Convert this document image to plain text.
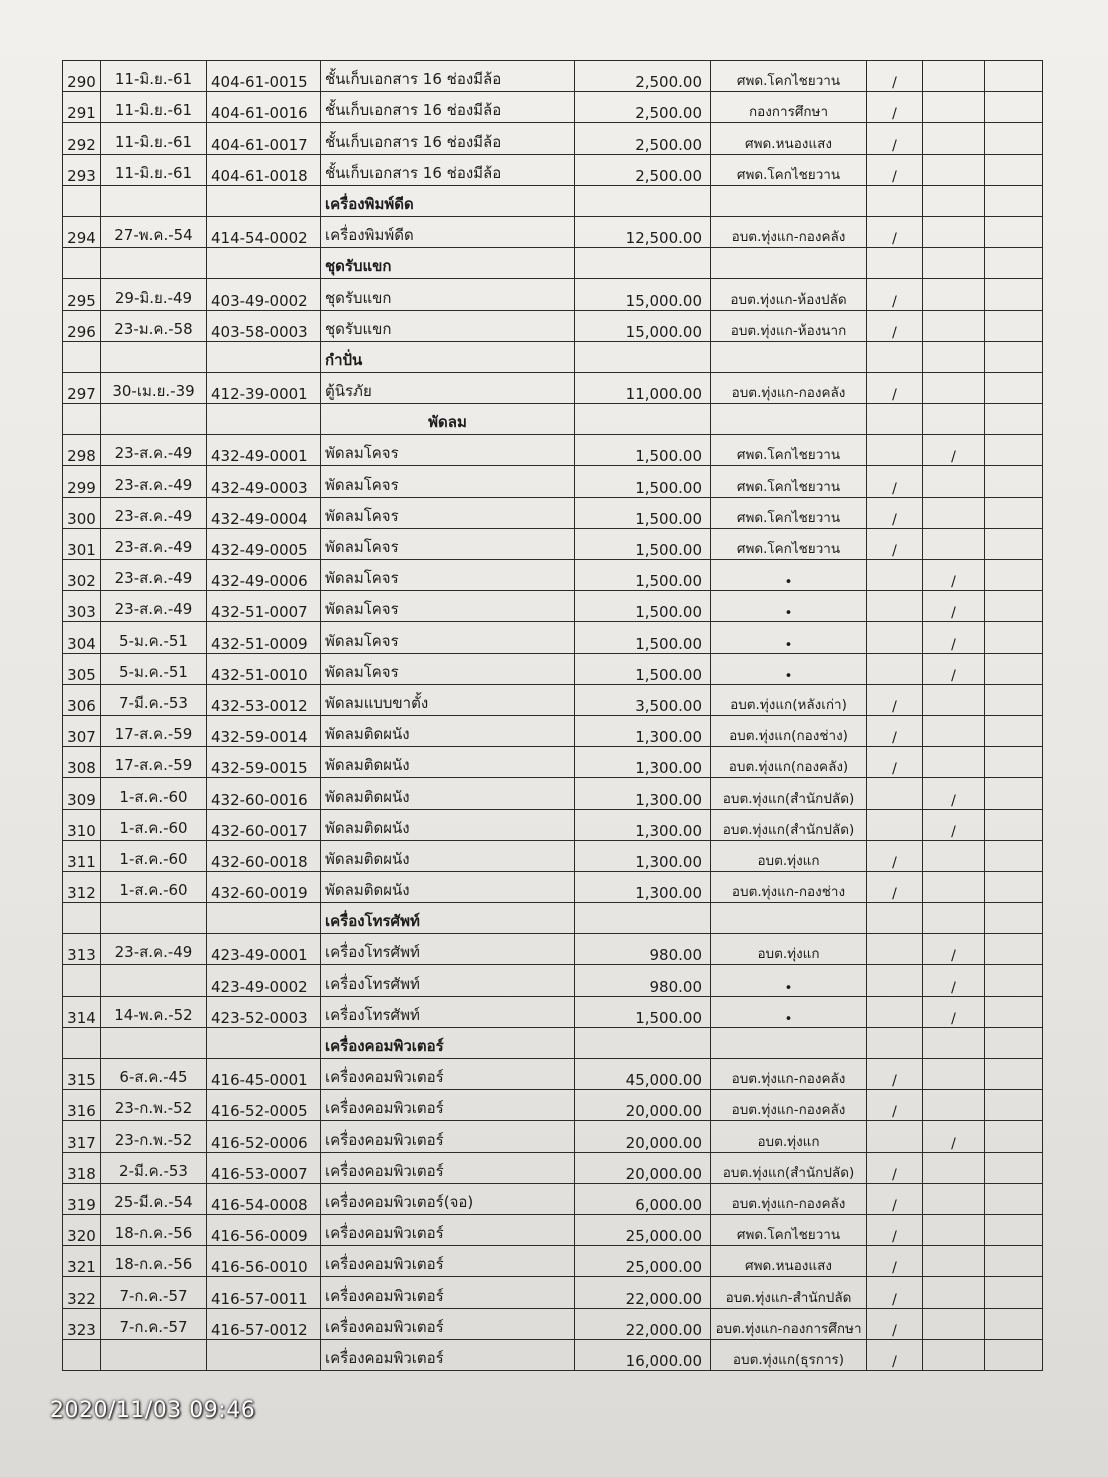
290	11-มิ.ย.-61	404-61-0015	ชั้นเก็บเอกสาร 16 ช่องมีล้อ	2,500.00	ศพด.โคกไชยวาน	/		
291	11-มิ.ย.-61	404-61-0016	ชั้นเก็บเอกสาร 16 ช่องมีล้อ	2,500.00	กองการศึกษา	/		
292	11-มิ.ย.-61	404-61-0017	ชั้นเก็บเอกสาร 16 ช่องมีล้อ	2,500.00	ศพด.หนองแสง	/		
293	11-มิ.ย.-61	404-61-0018	ชั้นเก็บเอกสาร 16 ช่องมีล้อ	2,500.00	ศพด.โคกไชยวาน	/		
			เครื่องพิมพ์ดีด					
294	27-พ.ค.-54	414-54-0002	เครื่องพิมพ์ดีด	12,500.00	อบต.ทุ่งแก-กองคลัง	/		
			ชุดรับแขก					
295	29-มิ.ย.-49	403-49-0002	ชุดรับแขก	15,000.00	อบต.ทุ่งแก-ห้องปลัด	/		
296	23-ม.ค.-58	403-58-0003	ชุดรับแขก	15,000.00	อบต.ทุ่งแก-ห้องนาก	/		
			กำปั่น					
297	30-เม.ย.-39	412-39-0001	ตู้นิรภัย	11,000.00	อบต.ทุ่งแก-กองคลัง	/		
			พัดลม					
298	23-ส.ค.-49	432-49-0001	พัดลมโคจร	1,500.00	ศพด.โคกไชยวาน		/	
299	23-ส.ค.-49	432-49-0003	พัดลมโคจร	1,500.00	ศพด.โคกไชยวาน	/		
300	23-ส.ค.-49	432-49-0004	พัดลมโคจร	1,500.00	ศพด.โคกไชยวาน	/		
301	23-ส.ค.-49	432-49-0005	พัดลมโคจร	1,500.00	ศพด.โคกไชยวาน	/		
302	23-ส.ค.-49	432-49-0006	พัดลมโคจร	1,500.00	•		/	
303	23-ส.ค.-49	432-51-0007	พัดลมโคจร	1,500.00	•		/	
304	5-ม.ค.-51	432-51-0009	พัดลมโคจร	1,500.00	•		/	
305	5-ม.ค.-51	432-51-0010	พัดลมโคจร	1,500.00	•		/	
306	7-มี.ค.-53	432-53-0012	พัดลมแบบขาตั้ง	3,500.00	อบต.ทุ่งแก(หลังเก่า)	/		
307	17-ส.ค.-59	432-59-0014	พัดลมติดผนัง	1,300.00	อบต.ทุ่งแก(กองช่าง)	/		
308	17-ส.ค.-59	432-59-0015	พัดลมติดผนัง	1,300.00	อบต.ทุ่งแก(กองคลัง)	/		
309	1-ส.ค.-60	432-60-0016	พัดลมติดผนัง	1,300.00	อบต.ทุ่งแก(สำนักปลัด)		/	
310	1-ส.ค.-60	432-60-0017	พัดลมติดผนัง	1,300.00	อบต.ทุ่งแก(สำนักปลัด)		/	
311	1-ส.ค.-60	432-60-0018	พัดลมติดผนัง	1,300.00	อบต.ทุ่งแก	/		
312	1-ส.ค.-60	432-60-0019	พัดลมติดผนัง	1,300.00	อบต.ทุ่งแก-กองช่าง	/		
			เครื่องโทรศัพท์					
313	23-ส.ค.-49	423-49-0001	เครื่องโทรศัพท์	980.00	อบต.ทุ่งแก		/	
		423-49-0002	เครื่องโทรศัพท์	980.00	•		/	
314	14-พ.ค.-52	423-52-0003	เครื่องโทรศัพท์	1,500.00	•		/	
			เครื่องคอมพิวเตอร์					
315	6-ส.ค.-45	416-45-0001	เครื่องคอมพิวเตอร์	45,000.00	อบต.ทุ่งแก-กองคลัง	/		
316	23-ก.พ.-52	416-52-0005	เครื่องคอมพิวเตอร์	20,000.00	อบต.ทุ่งแก-กองคลัง	/		
317	23-ก.พ.-52	416-52-0006	เครื่องคอมพิวเตอร์	20,000.00	อบต.ทุ่งแก		/	
318	2-มี.ค.-53	416-53-0007	เครื่องคอมพิวเตอร์	20,000.00	อบต.ทุ่งแก(สำนักปลัด)	/		
319	25-มี.ค.-54	416-54-0008	เครื่องคอมพิวเตอร์(จอ)	6,000.00	อบต.ทุ่งแก-กองคลัง	/		
320	18-ก.ค.-56	416-56-0009	เครื่องคอมพิวเตอร์	25,000.00	ศพด.โคกไชยวาน	/		
321	18-ก.ค.-56	416-56-0010	เครื่องคอมพิวเตอร์	25,000.00	ศพด.หนองแสง	/		
322	7-ก.ค.-57	416-57-0011	เครื่องคอมพิวเตอร์	22,000.00	อบต.ทุ่งแก-สำนักปลัด	/		
323	7-ก.ค.-57	416-57-0012	เครื่องคอมพิวเตอร์	22,000.00	อบต.ทุ่งแก-กองการศึกษา	/		
			เครื่องคอมพิวเตอร์	16,000.00	อบต.ทุ่งแก(ธุรการ)	/		
2020/11/03 09:46
